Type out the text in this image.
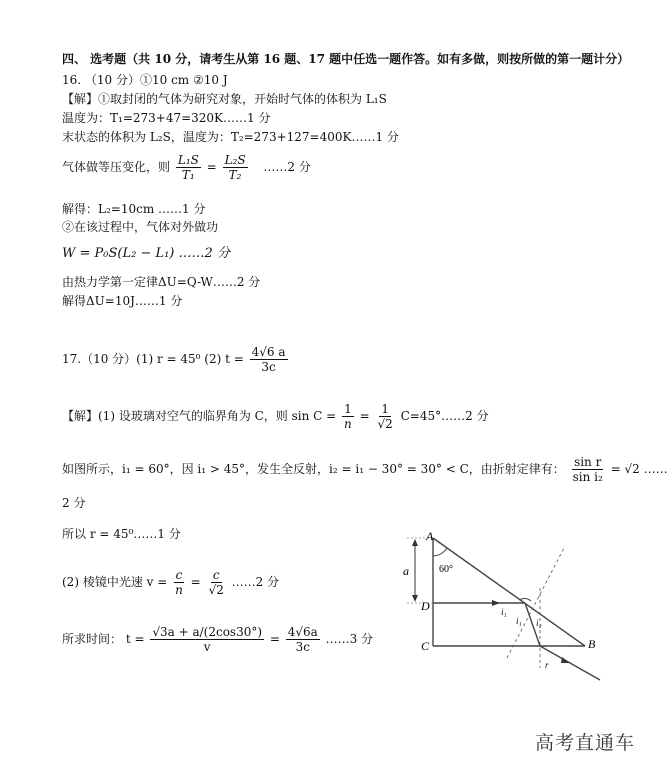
四、 选考题（共 10 分，请考生从第 16 题、17 题中任选一题作答。如有多做，则按所做的第一题计分）
16. （10 分）①10 cm ②10 J
【解】①取封闭的气体为研究对象，开始时气体的体积为 L₁S
温度为：T₁=273+47=320K……1 分
末状态的体积为 L₂S，温度为：T₂=273+127=400K……1 分
气体做等压变化，则 $\frac{\text{L₁S}}{\text{T₁}} = \frac{\text{L₂S}}{\text{T₂}}$ ……2 分
解得：L₂=10cm ……1 分
②在该过程中，气体对外做功
W = P₀S(L₂ − L₁) ……2 分
由热力学第一定律ΔU=Q-W……2 分
解得ΔU=10J……1 分
17.（10 分）(1) r = 45⁰ (2) $t = \frac{4√6 a}{3c}$
【解】(1) 设玻璃对空气的临界角为 C，则 $\sin C = \frac{1}{n} = \frac{1}{√2}$ C=45°……2 分
如图所示，i₁ = 60°，因 i₁ > 45°，发生全反射，i₂ = i₁ − 30° = 30° < C，由折射定律有： $\frac{\text{sin r}}{\text{sin i₂}} = √2$ ……
2 分
所以 r = 45⁰……1 分
(2) 棱镜中光速 $v = \frac{c}{n} = \frac{c}{√2}$ ……2 分
所求时间： $t = \frac{√3a + a/(2\cos 30^\circ)}{v} = \frac{4√6a}{3c}$ ……3 分
A
a	60°
D
C	B
i₁
i₁ i₂
r
高考直通车
